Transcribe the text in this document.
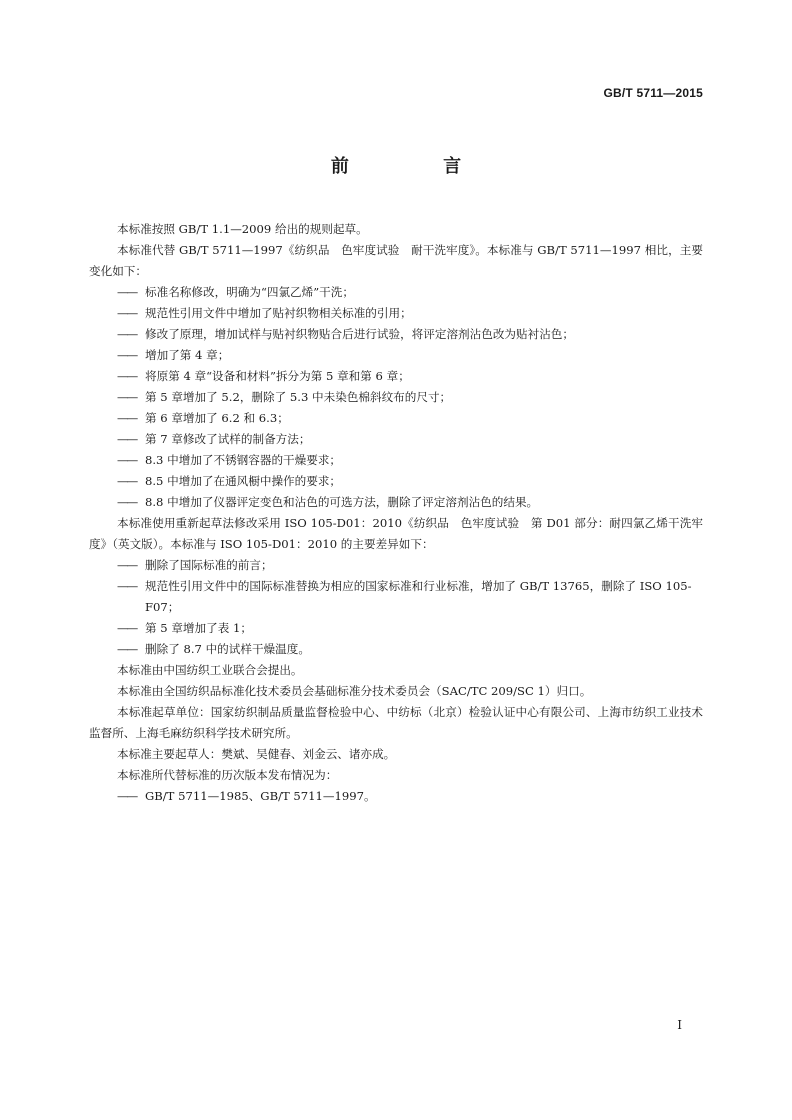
GB/T 5711—2015
前 言

本标准按照 GB/T 1.1—2009 给出的规则起草。

本标准代替 GB/T 5711—1997《纺织品　色牢度试验　耐干洗牢度》。本标准与 GB/T 5711—1997 相比，主要变化如下：

—— 标准名称修改，明确为“四氯乙烯”干洗；

—— 规范性引用文件中增加了贴衬织物相关标准的引用；

—— 修改了原理，增加试样与贴衬织物贴合后进行试验，将评定溶剂沾色改为贴衬沾色；

—— 增加了第 4 章；

—— 将原第 4 章“设备和材料”拆分为第 5 章和第 6 章；

—— 第 5 章增加了 5.2，删除了 5.3 中未染色棉斜纹布的尺寸；

—— 第 6 章增加了 6.2 和 6.3；

—— 第 7 章修改了试样的制备方法；

—— 8.3 中增加了不锈钢容器的干燥要求；

—— 8.5 中增加了在通风橱中操作的要求；

—— 8.8 中增加了仪器评定变色和沾色的可选方法，删除了评定溶剂沾色的结果。

本标准使用重新起草法修改采用 ISO 105-D01：2010《纺织品　色牢度试验　第 D01 部分：耐四氯乙烯干洗牢度》（英文版）。本标准与 ISO 105-D01：2010 的主要差异如下：

—— 删除了国际标准的前言；

—— 规范性引用文件中的国际标准替换为相应的国家标准和行业标准，增加了 GB/T 13765，删除了 ISO 105-F07；

—— 第 5 章增加了表 1；

—— 删除了 8.7 中的试样干燥温度。

本标准由中国纺织工业联合会提出。

本标准由全国纺织品标准化技术委员会基础标准分技术委员会（SAC/TC 209/SC 1）归口。

本标准起草单位：国家纺织制品质量监督检验中心、中纺标（北京）检验认证中心有限公司、上海市纺织工业技术监督所、上海毛麻纺织科学技术研究所。

本标准主要起草人：樊斌、吴健春、刘金云、诸亦成。

本标准所代替标准的历次版本发布情况为：

—— GB/T 5711—1985、GB/T 5711—1997。

I
